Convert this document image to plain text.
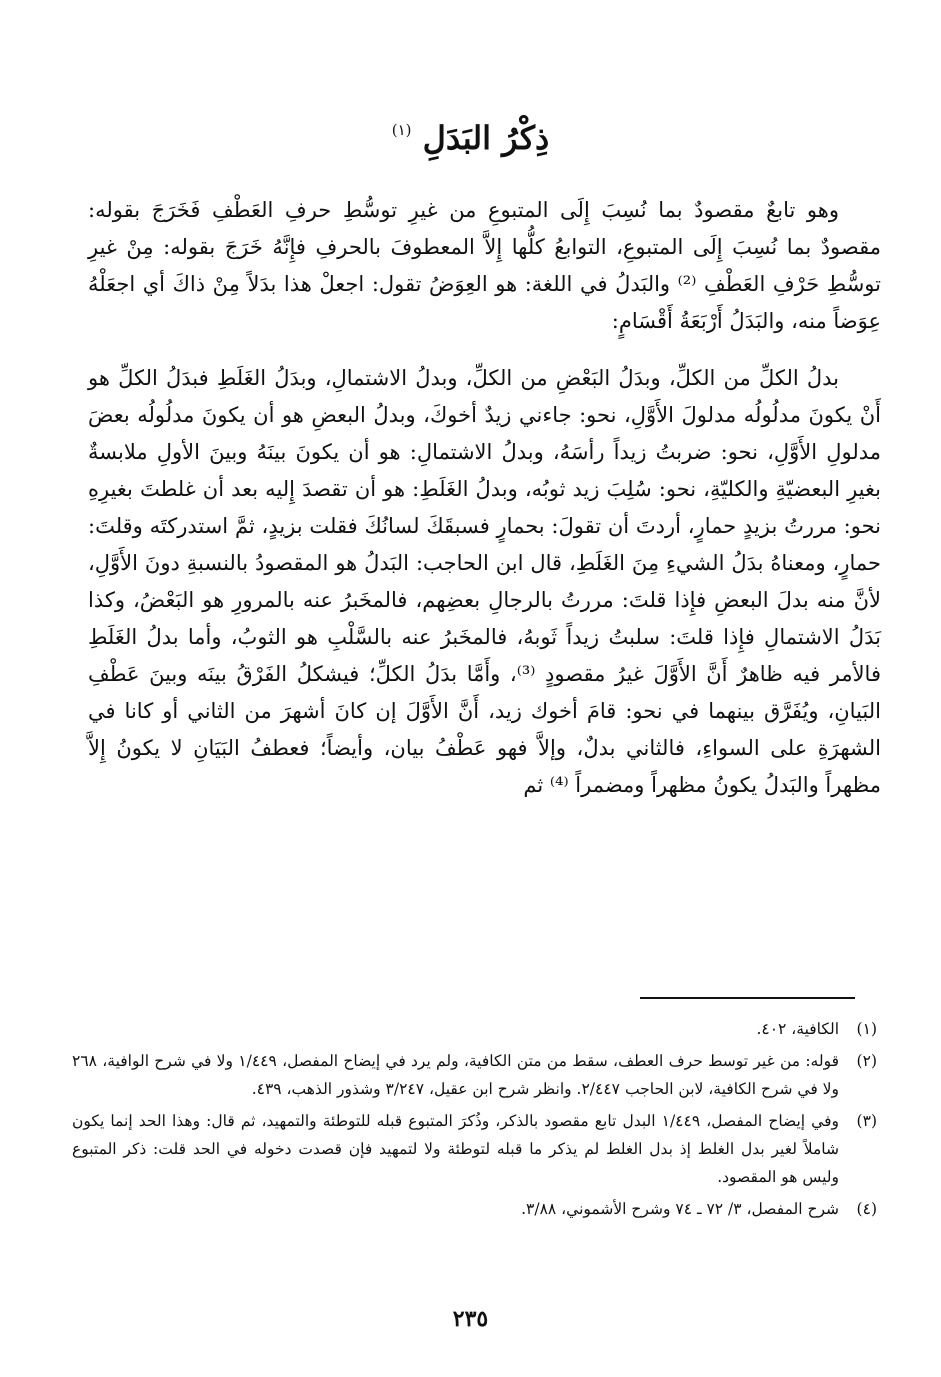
ذِكْرُ البَدَلِ $^{(١)}$

وهو تابعٌ مقصودٌ بما نُسِبَ إِلَى المتبوعِ من غيرِ توسُّطِ حرفِ العَطْفِ فَخَرَجَ بقوله: مقصودٌ بما نُسِبَ إِلَى المتبوعِ، التوابعُ كلُّها إِلاَّ المعطوفَ بالحرفِ فإِنَّهُ خَرَجَ بقوله: مِنْ غيرِ توسُّطِ حَرْفِ العَطْفِ ⁽²⁾ والبَدلُ في اللغة: هو العِوَضُ تقول: اجعلْ هذا بدَلاً مِنْ ذاكَ أي اجعَلْهُ عِوَضاً منه، والبَدَلُ أَرْبَعَةُ أَقْسَامٍ:

بدلُ الكلِّ من الكلِّ، وبدَلُ البَعْضِ من الكلِّ، وبدلُ الاشتمالِ، وبدَلُ الغَلَطِ فبدَلُ الكلِّ هو أَنْ يكونَ مدلُولُه مدلولَ الأَوَّلِ، نحو: جاءني زيدٌ أخوكَ، وبدلُ البعضِ هو أن يكونَ مدلُولُه بعضَ مدلولِ الأَوَّلِ، نحو: ضربتُ زيداً رأسَهُ، وبدلُ الاشتمالِ: هو أن يكونَ بينَهُ وبينَ الأولِ ملابسةٌ بغيرِ البعضيّةِ والكليّةِ، نحو: سُلِبَ زيد ثوبُه، وبدلُ الغَلَطِ: هو أن تقصدَ إِليه بعد أن غلطتَ بغيرِهِ نحو: مررتُ بزيدٍ حمارٍ، أردتَ أن تقولَ: بحمارٍ فسبقَكَ لسانُكَ فقلت بزيدٍ، ثمَّ استدركتَه وقلتَ: حمارٍ، ومعناهُ بدَلُ الشيءِ مِنَ الغَلَطِ، قال ابن الحاجب: البَدلُ هو المقصودُ بالنسبةِ دونَ الأَوَّلِ، لأنَّ منه بدلَ البعضِ فإِذا قلتَ: مررتُ بالرجالِ بعضِهم، فالمخَبرُ عنه بالمرورِ هو البَعْضُ، وكذا بَدَلُ الاشتمالِ فإِذا قلتَ: سلبتُ زيداً ثَوبهُ، فالمخَبرُ عنه بالسَّلْبِ هو الثوبُ، وأما بدلُ الغَلَطِ فالأمر فيه ظاهرٌ أَنَّ الأَوَّلَ غيرُ مقصودٍ ⁽³⁾، وأَمَّا بدَلُ الكلِّ؛ فيشكلُ الفَرْقُ بينَه وبينَ عَطْفِ البَيانِ، ويُفَرَّق بينهما في نحو: قامَ أخوك زيد، أَنَّ الأَوَّلَ إن كانَ أشهرَ من الثاني أو كانا في الشهرَةِ على السواءِ، فالثاني بدلٌ، وإلاَّ فهو عَطْفُ بيان، وأيضاً؛ فعطفُ البَيَانِ لا يكونُ إِلاَّ مظهراً والبَدلُ يكونُ مظهراً ومضمراً ⁽⁴⁾ ثم

(١)
الكافية، ٤٠٢.
(٢)
قوله: من غير توسط حرف العطف، سقط من متن الكافية، ولم يرد في إيضاح المفصل، ١/٤٤٩ ولا في شرح الوافية، ٢٦٨ ولا في شرح الكافية، لابن الحاجب ٢/٤٤٧. وانظر شرح ابن عقيل، ٣/٢٤٧ وشذور الذهب، ٤٣٩.
(٣)
وفي إيضاح المفصل، ١/٤٤٩ البدل تابع مقصود بالذكر، وذُكرَ المتبوع قبله للتوطئة والتمهيد، ثم قال: وهذا الحد إنما يكون شاملاً لغير بدل الغلط إذ بدل الغلط لم يذكر ما قبله لتوطئة ولا لتمهيد فإن قصدت دخوله في الحد قلت: ذكر المتبوع وليس هو المقصود.
(٤)
شرح المفصل، ٣/ ٧٢ ـ ٧٤ وشرح الأشموني، ٣/٨٨.
٢٣٥
